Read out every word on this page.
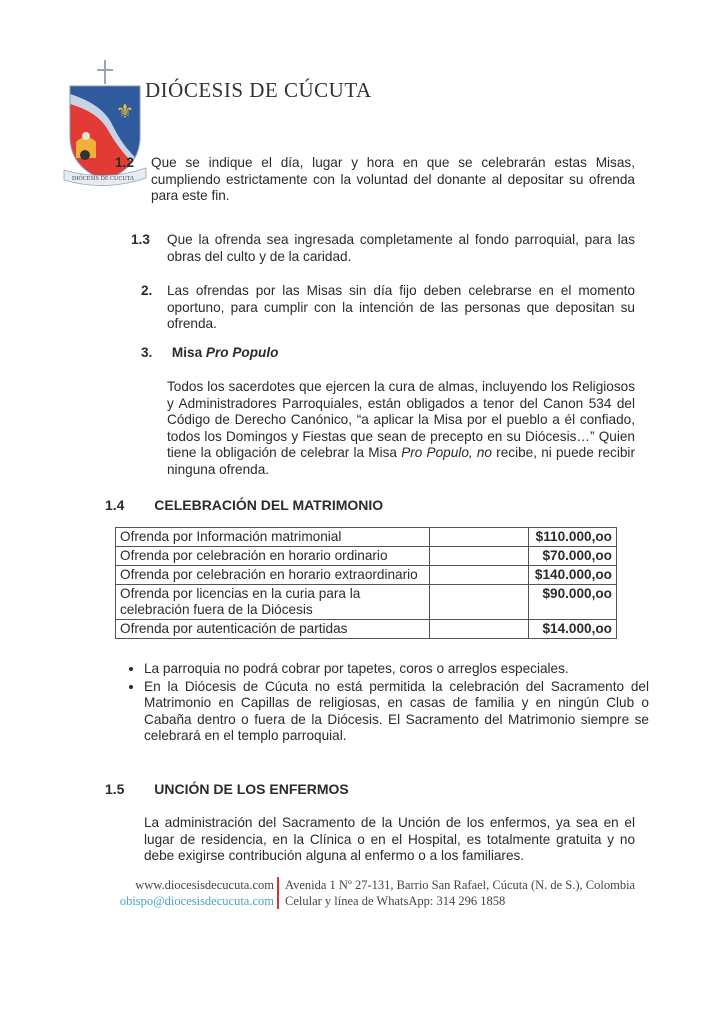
⚜
DIÓCESIS DE CÚCUTA
DIÓCESIS DE CÚCUTA
1.2 Que se indique el día, lugar y hora en que se celebrarán estas Misas, cumpliendo estrictamente con la voluntad del donante al depositar su ofrenda para este fin.
1.3 Que la ofrenda sea ingresada completamente al fondo parroquial, para las obras del culto y de la caridad.
2. Las ofrendas por las Misas sin día fijo deben celebrarse en el momento oportuno, para cumplir con la intención de las personas que depositan su ofrenda.
3. Misa Pro Populo
Todos los sacerdotes que ejercen la cura de almas, incluyendo los Religiosos y Administradores Parroquiales, están obligados a tenor del Canon 534 del Código de Derecho Canónico, “a aplicar la Misa por el pueblo a él confiado, todos los Domingos y Fiestas que sean de precepto en su Diócesis…” Quien tiene la obligación de celebrar la Misa Pro Populo, no recibe, ni puede recibir ninguna ofrenda.
1.4 CELEBRACIÓN DEL MATRIMONIO
Ofrenda por Información matrimonial		$110.000,oo
Ofrenda por celebración en horario ordinario		$70.000,oo
Ofrenda por celebración en horario extraordinario		$140.000,oo
Ofrenda por licencias en la curia para la celebración fuera de la Diócesis		$90.000,oo
Ofrenda por autenticación de partidas		$14.000,oo
• La parroquia no podrá cobrar por tapetes, coros o arreglos especiales.
• En la Diócesis de Cúcuta no está permitida la celebración del Sacramento del Matrimonio en Capillas de religiosas, en casas de familia y en ningún Club o Cabaña dentro o fuera de la Diócesis. El Sacramento del Matrimonio siempre se celebrará en el templo parroquial.
1.5 UNCIÓN DE LOS ENFERMOS
La administración del Sacramento de la Unción de los enfermos, ya sea en el lugar de residencia, en la Clínica o en el Hospital, es totalmente gratuita y no debe exigirse contribución alguna al enfermo o a los familiares.
www.diocesisdecucuta.com
obispo@diocesisdecucuta.com
Avenida 1 Nº 27-131, Barrio San Rafael, Cúcuta (N. de S.), Colombia
Celular y línea de WhatsApp: 314 296 1858
